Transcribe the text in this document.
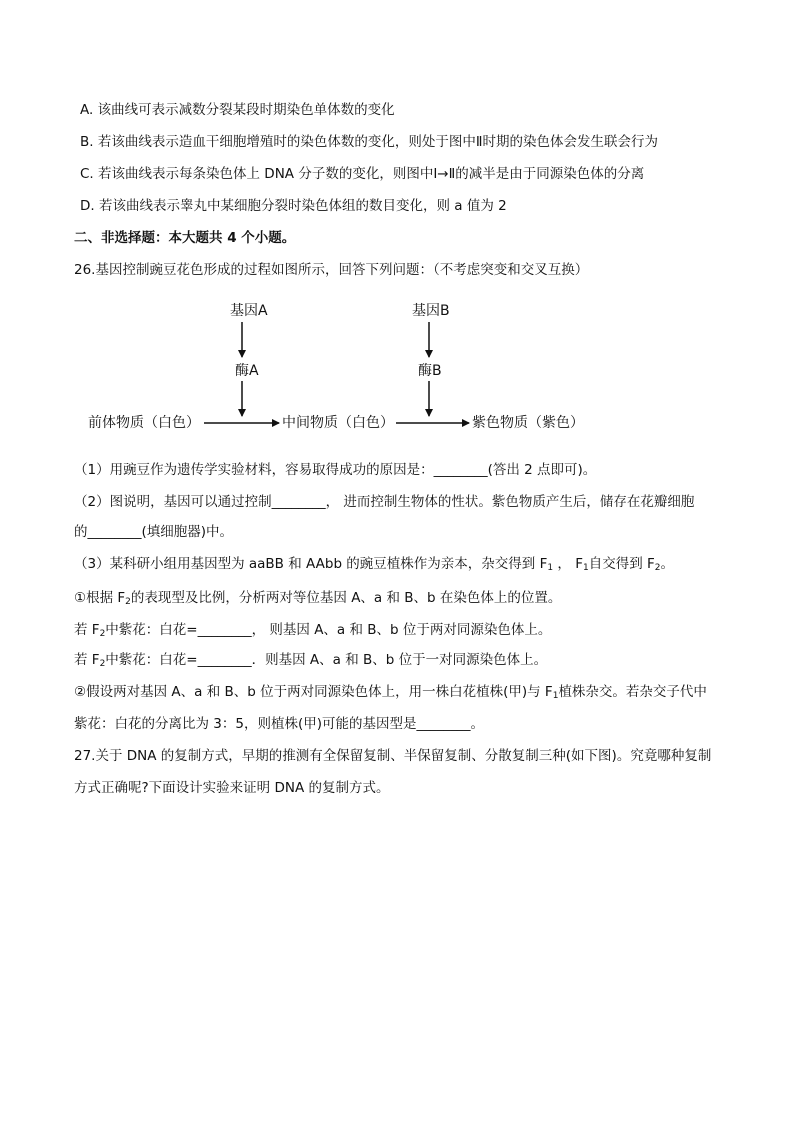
A. 该曲线可表示减数分裂某段时期染色单体数的变化
B. 若该曲线表示造血干细胞增殖时的染色体数的变化，则处于图中Ⅱ时期的染色体会发生联会行为
C. 若该曲线表示每条染色体上 DNA 分子数的变化，则图中Ⅰ→Ⅱ的减半是由于同源染色体的分离
D. 若该曲线表示睾丸中某细胞分裂时染色体组的数目变化，则 a 值为 2
二、非选择题：本大题共 4 个小题。
26.基因控制豌豆花色形成的过程如图所示，回答下列问题：（不考虑突变和交叉互换）
基因A
酶A
基因B
酶B
前体物质（白色）	中间物质（白色）	紫色物质（紫色）
（1）用豌豆作为遗传学实验材料，容易取得成功的原因是：________(答出 2 点即可)。
（2）图说明，基因可以通过控制________， 进而控制生物体的性状。紫色物质产生后，储存在花瓣细胞
的________(填细胞器)中。
（3）某科研小组用基因型为 aaBB 和 AAbb 的豌豆植株作为亲本，杂交得到 $F_1$ ， $F_1$自交得到 $F_2$。
①根据 $F_2$的表现型及比例，分析两对等位基因 A、a 和 B、b 在染色体上的位置。
若 $F_2$中紫花：白花=________， 则基因 A、a 和 B、b 位于两对同源染色体上。
若 $F_2$中紫花：白花=________．则基因 A、a 和 B、b 位于一对同源染色体上。
②假设两对基因 A、a 和 B、b 位于两对同源染色体上，用一株白花植株(甲)与 $F_1$植株杂交。若杂交子代中
紫花：白花的分离比为 3：5，则植株(甲)可能的基因型是________。
27.关于 DNA 的复制方式，早期的推测有全保留复制、半保留复制、分散复制三种(如下图)。究竟哪种复制
方式正确呢?下面设计实验来证明 DNA 的复制方式。
